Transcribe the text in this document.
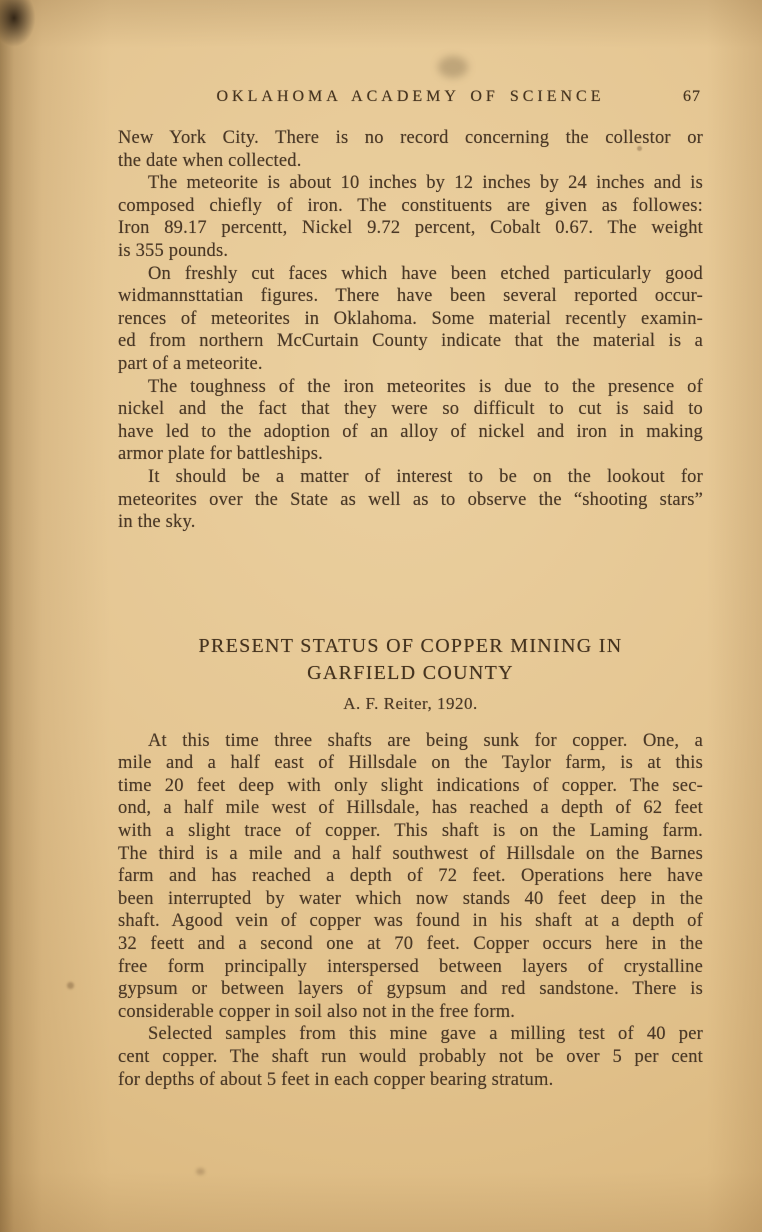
OKLAHOMA ACADEMY OF SCIENCE	67
New York City. There is no record concerning the collestor or
the date when collected.
The meteorite is about 10 inches by 12 inches by 24 inches and is
composed chiefly of iron. The constituents are given as followes:
Iron 89.17 percentt, Nickel 9.72 percent, Cobalt 0.67. The weight
is 355 pounds.
On freshly cut faces which have been etched particularly good
widmannsttatian figures. There have been several reported occur-
rences of meteorites in Oklahoma. Some material recently examin-
ed from northern McCurtain County indicate that the material is a
part of a meteorite.
The toughness of the iron meteorites is due to the presence of
nickel and the fact that they were so difficult to cut is said to
have led to the adoption of an alloy of nickel and iron in making
armor plate for battleships.
It should be a matter of interest to be on the lookout for
meteorites over the State as well as to observe the “shooting stars”
in the sky.
PRESENT STATUS OF COPPER MINING IN
GARFIELD COUNTY
A. F. Reiter, 1920.
At this time three shafts are being sunk for copper. One, a
mile and a half east of Hillsdale on the Taylor farm, is at this
time 20 feet deep with only slight indications of copper. The sec-
ond, a half mile west of Hillsdale, has reached a depth of 62 feet
with a slight trace of copper. This shaft is on the Laming farm.
The third is a mile and a half southwest of Hillsdale on the Barnes
farm and has reached a depth of 72 feet. Operations here have
been interrupted by water which now stands 40 feet deep in the
shaft. Agood vein of copper was found in his shaft at a depth of
32 feett and a second one at 70 feet. Copper occurs here in the
free form principally interspersed between layers of crystalline
gypsum or between layers of gypsum and red sandstone. There is
considerable copper in soil also not in the free form.
Selected samples from this mine gave a milling test of 40 per
cent copper. The shaft run would probably not be over 5 per cent
for depths of about 5 feet in each copper bearing stratum.
